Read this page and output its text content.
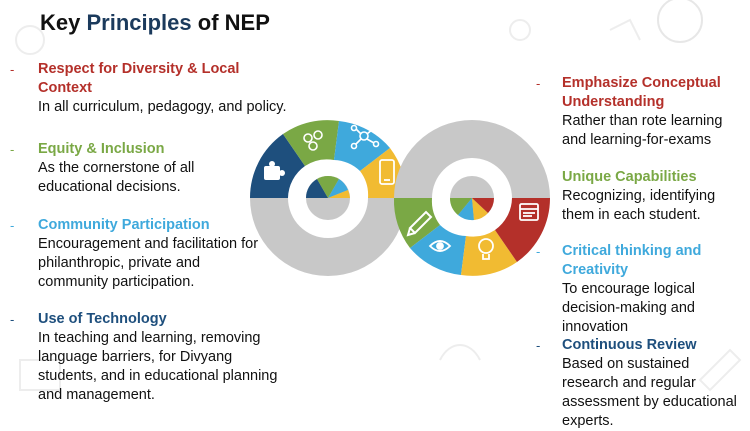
Key Principles of NEP
- Respect for Diversity & Local Context
In all curriculum, pedagogy, and policy.
- Equity & Inclusion
As the cornerstone of all educational decisions.
- Community Participation
Encouragement and facilitation for philanthropic, private and community participation.
- Use of Technology
In teaching and learning, removing language barriers, for Divyang students, and in educational planning and management.
- Emphasize Conceptual Understanding
Rather than rote learning and learning-for-exams
Unique Capabilities
Recognizing, identifying them in each student.
- Critical thinking and Creativity
To encourage logical decision-making and innovation
- Continuous Review
Based on sustained research and regular assessment by educational experts.
